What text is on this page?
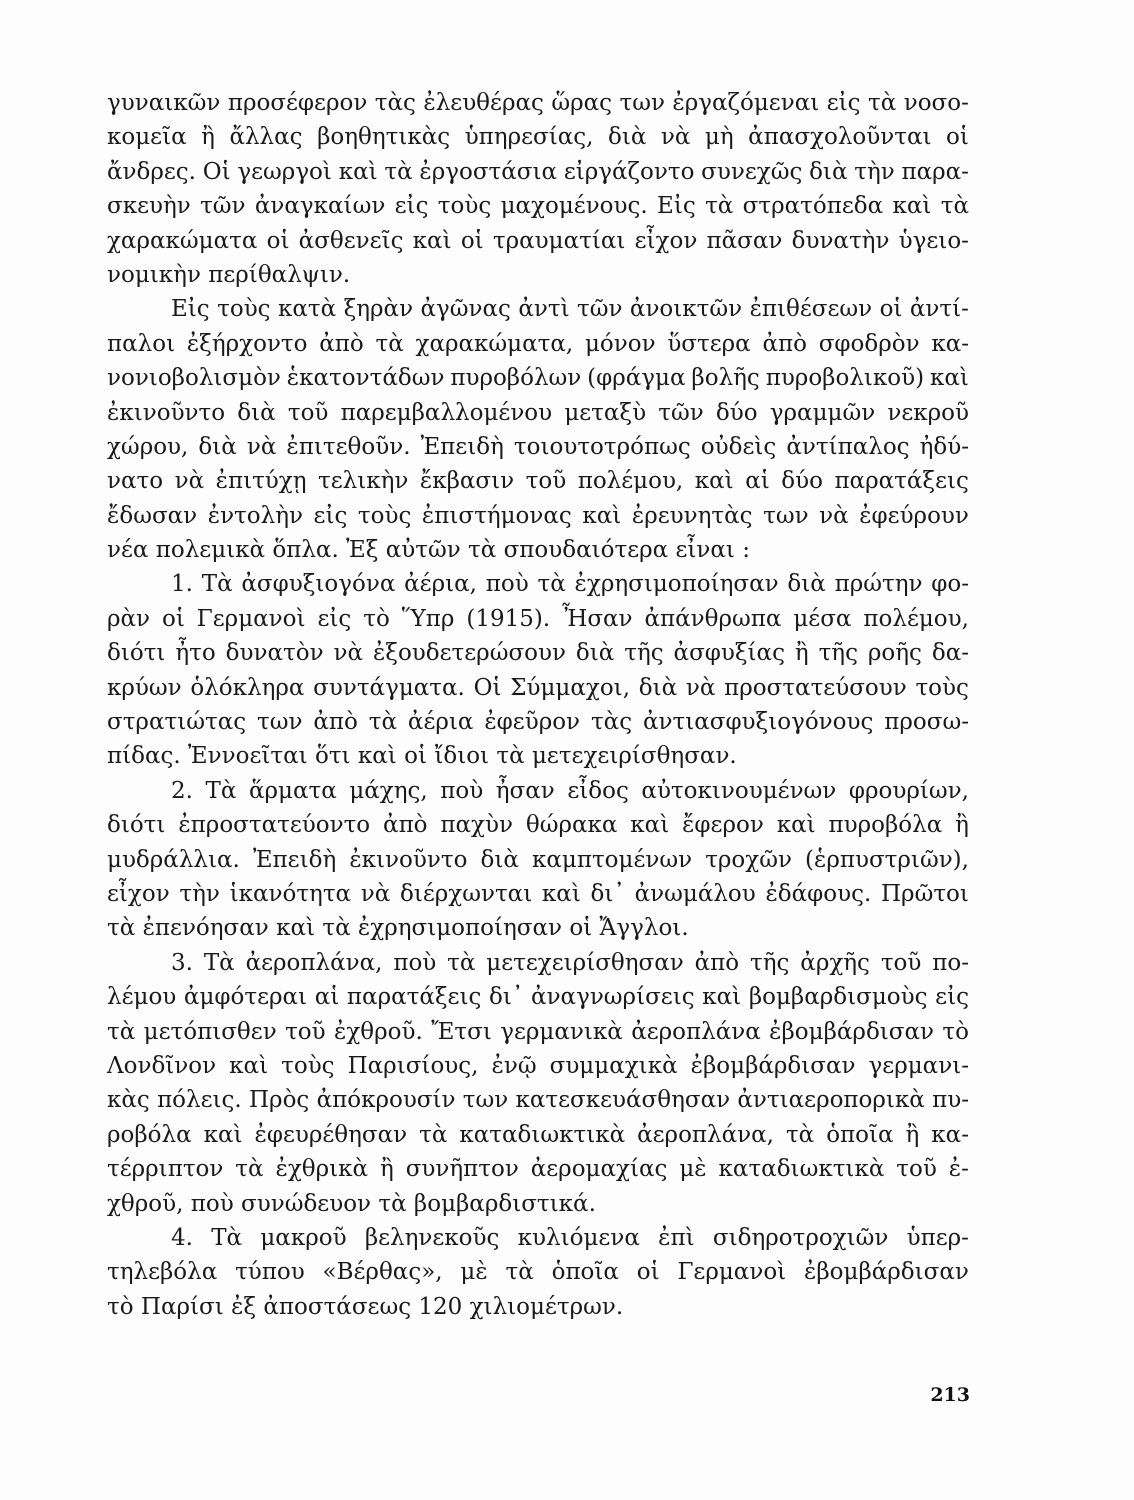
γυναικῶν προσέφερον τὰς ἐλευθέρας ὥρας των ἐργαζόμεναι εἰς τὰ νοσο-
κομεῖα ἢ ἄλλας βοηθητικὰς ὑπηρεσίας, διὰ νὰ μὴ ἀπασχολοῦνται οἱ
ἄνδρες. Οἱ γεωργοὶ καὶ τὰ ἐργοστάσια εἰργάζοντο συνεχῶς διὰ τὴν παρα-
σκευὴν τῶν ἀναγκαίων εἰς τοὺς μαχομένους. Εἰς τὰ στρατόπεδα καὶ τὰ
χαρακώματα οἱ ἀσθενεῖς καὶ οἱ τραυματίαι εἶχον πᾶσαν δυνατὴν ὑγειο-
νομικὴν περίθαλψιν.
Εἰς τοὺς κατὰ ξηρὰν ἀγῶνας ἀντὶ τῶν ἀνοικτῶν ἐπιθέσεων οἱ ἀντί-
παλοι ἐξήρχοντο ἀπὸ τὰ χαρακώματα, μόνον ὕστερα ἀπὸ σφοδρὸν κα-
νονιοβολισμὸν ἑκατοντάδων πυροβόλων (φράγμα βολῆς πυροβολικοῦ) καὶ
ἐκινοῦντο διὰ τοῦ παρεμβαλλομένου μεταξὺ τῶν δύο γραμμῶν νεκροῦ
χώρου, διὰ νὰ ἐπιτεθοῦν. Ἐπειδὴ τοιουτοτρόπως οὐδεὶς ἀντίπαλος ἠδύ-
νατο νὰ ἐπιτύχῃ τελικὴν ἔκβασιν τοῦ πολέμου, καὶ αἱ δύο παρατάξεις
ἔδωσαν ἐντολὴν εἰς τοὺς ἐπιστήμονας καὶ ἐρευνητὰς των νὰ ἐφεύρουν
νέα πολεμικὰ ὅπλα. Ἐξ αὐτῶν τὰ σπουδαιότερα εἶναι :
1. Τὰ ἀσφυξιογόνα ἀέρια, ποὺ τὰ ἐχρησιμοποίησαν διὰ πρώτην φο-
ρὰν οἱ Γερμανοὶ εἰς τὸ Ὕπρ (1915). Ἦσαν ἀπάνθρωπα μέσα πολέμου,
διότι ἦτο δυνατὸν νὰ ἐξουδετερώσουν διὰ τῆς ἀσφυξίας ἢ τῆς ροῆς δα-
κρύων ὁλόκληρα συντάγματα. Οἱ Σύμμαχοι, διὰ νὰ προστατεύσουν τοὺς
στρατιώτας των ἀπὸ τὰ ἀέρια ἐφεῦρον τὰς ἀντιασφυξιογόνους προσω-
πίδας. Ἐννοεῖται ὅτι καὶ οἱ ἴδιοι τὰ μετεχειρίσθησαν.
2. Τὰ ἅρματα μάχης, ποὺ ἦσαν εἶδος αὐτοκινουμένων φρουρίων,
διότι ἐπροστατεύοντο ἀπὸ παχὺν θώρακα καὶ ἔφερον καὶ πυροβόλα ἢ
μυδράλλια. Ἐπειδὴ ἐκινοῦντο διὰ καμπτομένων τροχῶν (ἑρπυστριῶν),
εἶχον τὴν ἱκανότητα νὰ διέρχωνται καὶ δι᾽ ἀνωμάλου ἐδάφους. Πρῶτοι
τὰ ἐπενόησαν καὶ τὰ ἐχρησιμοποίησαν οἱ Ἄγγλοι.
3. Τὰ ἀεροπλάνα, ποὺ τὰ μετεχειρίσθησαν ἀπὸ τῆς ἀρχῆς τοῦ πο-
λέμου ἀμφότεραι αἱ παρατάξεις δι᾽ ἀναγνωρίσεις καὶ βομβαρδισμοὺς εἰς
τὰ μετόπισθεν τοῦ ἐχθροῦ. Ἔτσι γερμανικὰ ἀεροπλάνα ἐβομβάρδισαν τὸ
Λονδῖνον καὶ τοὺς Παρισίους, ἐνῷ συμμαχικὰ ἐβομβάρδισαν γερμανι-
κὰς πόλεις. Πρὸς ἀπόκρουσίν των κατεσκευάσθησαν ἀντιαεροπορικὰ πυ-
ροβόλα καὶ ἐφευρέθησαν τὰ καταδιωκτικὰ ἀεροπλάνα, τὰ ὁποῖα ἢ κα-
τέρριπτον τὰ ἐχθρικὰ ἢ συνῆπτον ἀερομαχίας μὲ καταδιωκτικὰ τοῦ ἐ-
χθροῦ, ποὺ συνώδευον τὰ βομβαρδιστικά.
4. Τὰ μακροῦ βεληνεκοῦς κυλιόμενα ἐπὶ σιδηροτροχιῶν ὑπερ-
τηλεβόλα τύπου «Βέρθας», μὲ τὰ ὁποῖα οἱ Γερμανοὶ ἐβομβάρδισαν
τὸ Παρίσι ἐξ ἀποστάσεως 120 χιλιομέτρων.
213
